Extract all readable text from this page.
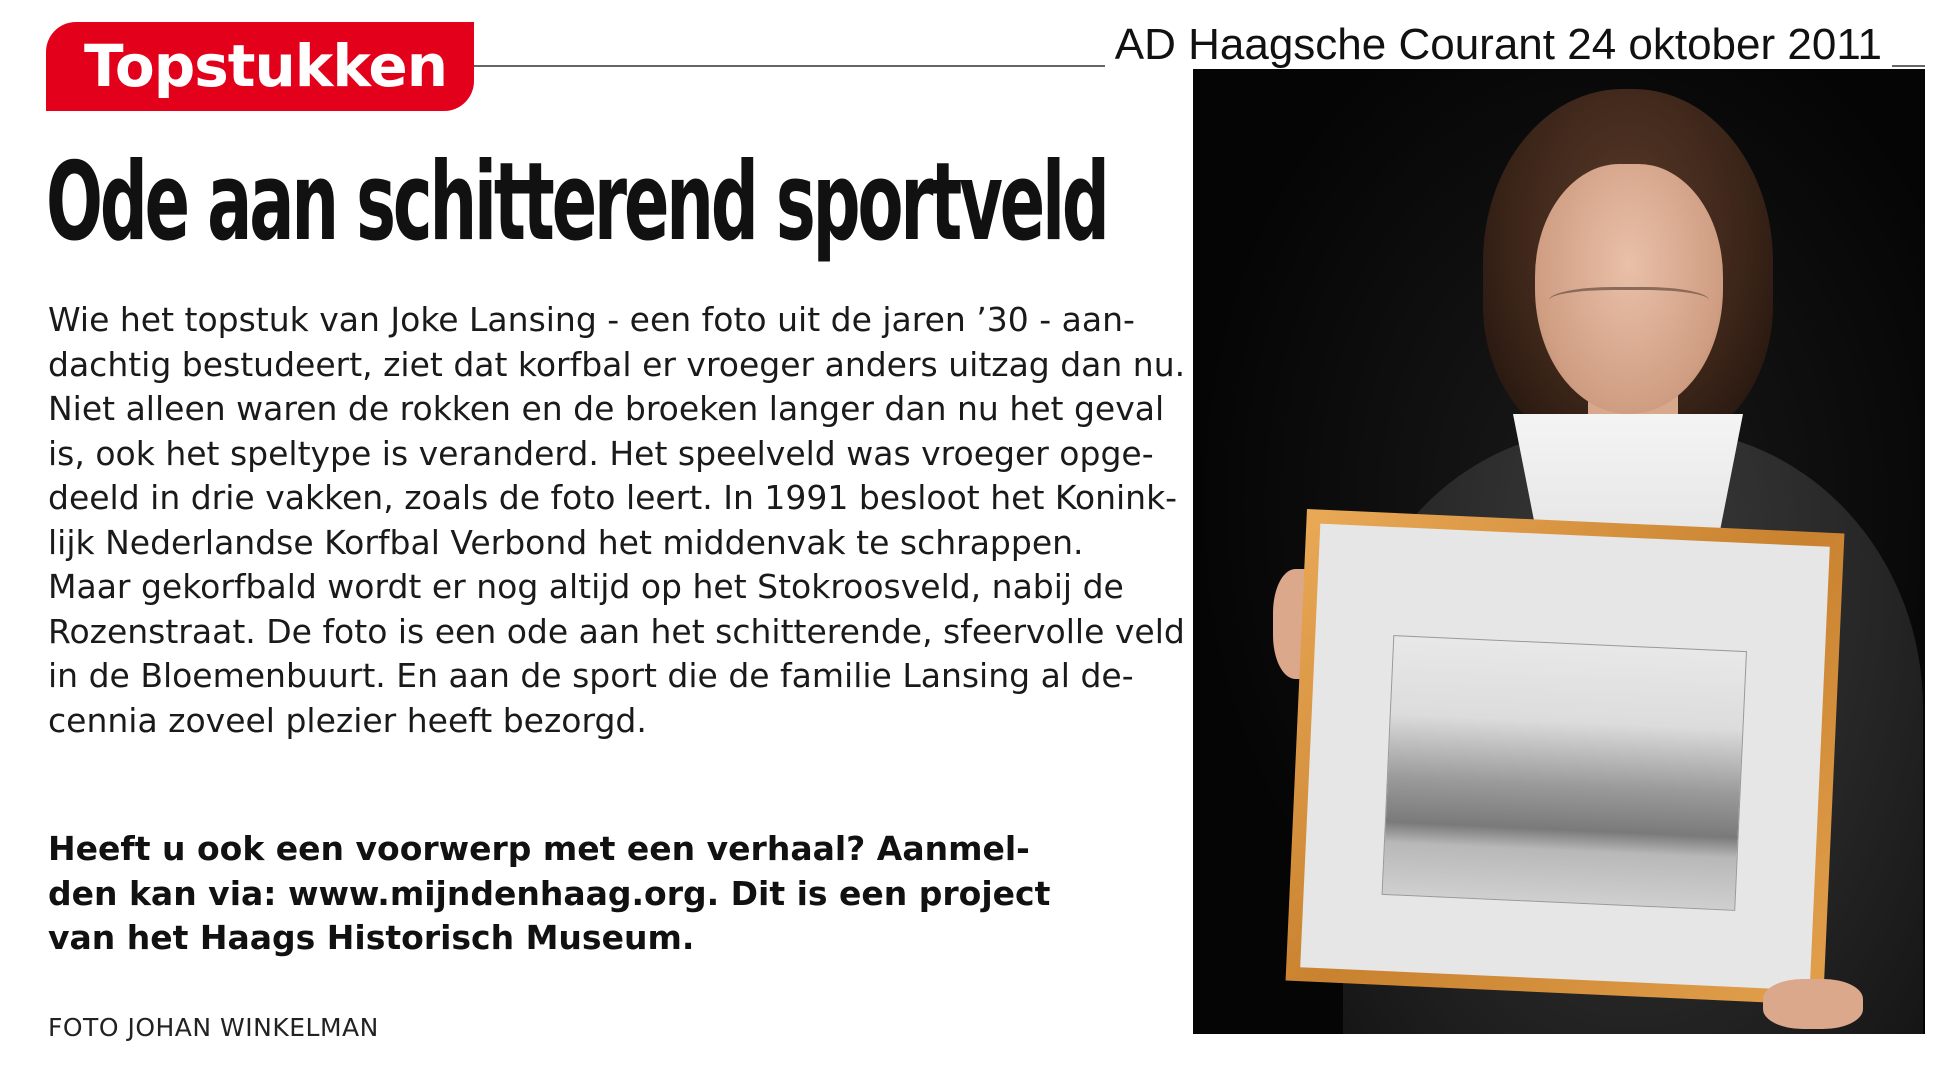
Topstukken	AD Haagsche Courant 24 oktober 2011
Ode aan schitterend sportveld

Wie het topstuk van Joke Lansing - een foto uit de jaren ’30 - aan-
dachtig bestudeert, ziet dat korfbal er vroeger anders uitzag dan nu.
Niet alleen waren de rokken en de broeken langer dan nu het geval
is, ook het speltype is veranderd. Het speelveld was vroeger opge-
deeld in drie vakken, zoals de foto leert. In 1991 besloot het Konink-
lijk Nederlandse Korfbal Verbond het middenvak te schrappen.
Maar gekorfbald wordt er nog altijd op het Stokroosveld, nabij de
Rozenstraat. De foto is een ode aan het schitterende, sfeervolle veld
in de Bloemenbuurt. En aan de sport die de familie Lansing al de-
cennia zoveel plezier heeft bezorgd.

Heeft u ook een voorwerp met een verhaal? Aanmel-
den kan via: www.mijndenhaag.org. Dit is een project
van het Haags Historisch Museum.

FOTO JOHAN WINKELMAN
